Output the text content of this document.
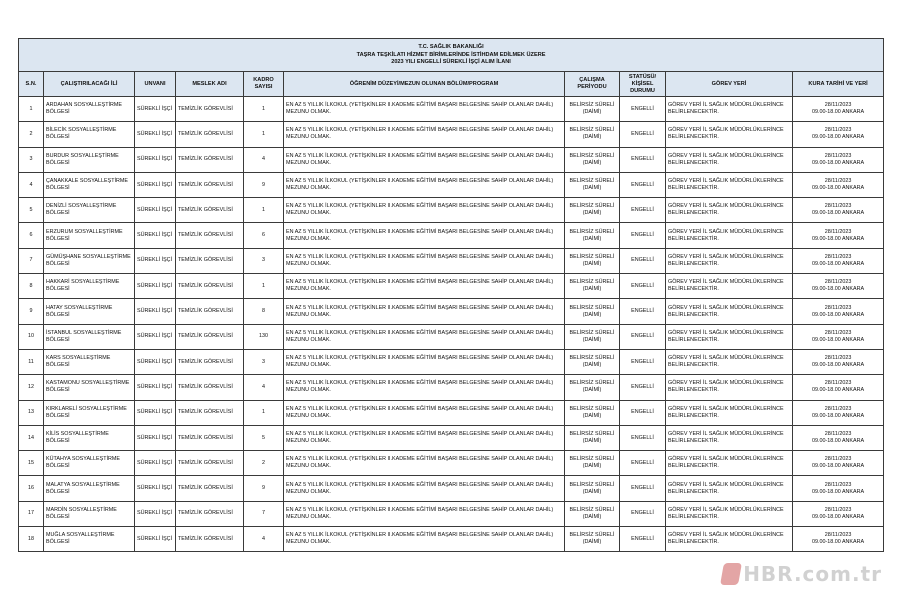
T.C. SAĞLIK BAKANLIĞI
TAŞRA TEŞKİLATI HİZMET BİRİMLERİNDE İSTİHDAM EDİLMEK ÜZERE
2023 YILI ENGELLİ SÜREKLİ İŞÇİ ALIM İLANI									

S.N.	ÇALIŞTIRILACAĞI İLİ	UNVANI	MESLEK ADI	KADRO SAYISI	ÖĞRENİM DÜZEYİ/MEZUN OLUNAN BÖLÜM/PROGRAM	ÇALIŞMA PERİYODU	STATÜSÜ/ KİŞİSEL DURUMU	GÖREV YERİ	KURA TARİHİ VE YERİ
1	ARDAHAN SOSYALLEŞTİRME BÖLGESİ	SÜREKLİ İŞÇİ	TEMİZLİK GÖREVLİSİ	1	EN AZ 5 YILLIK İLKOKUL (YETİŞKİNLER II.KADEME EĞİTİMİ BAŞARI BELGESİNE SAHİP OLANLAR DAHİL) MEZUNU OLMAK.	BELİRSİZ SÜRELİ (DAİMİ)	ENGELLİ	GÖREV YERİ İL SAĞLIK MÜDÜRLÜKLERİNCE BELİRLENECEKTİR.	28/11/2023
09.00-18.00 ANKARA

2	BİLECİK SOSYALLEŞTİRME BÖLGESİ	SÜREKLİ İŞÇİ	TEMİZLİK GÖREVLİSİ	1	EN AZ 5 YILLIK İLKOKUL (YETİŞKİNLER II.KADEME EĞİTİMİ BAŞARI BELGESİNE SAHİP OLANLAR DAHİL) MEZUNU OLMAK.	BELİRSİZ SÜRELİ (DAİMİ)	ENGELLİ	GÖREV YERİ İL SAĞLIK MÜDÜRLÜKLERİNCE BELİRLENECEKTİR.	28/11/2023
09.00-18.00 ANKARA

3	BURDUR SOSYALLEŞTİRME BÖLGESİ	SÜREKLİ İŞÇİ	TEMİZLİK GÖREVLİSİ	4	EN AZ 5 YILLIK İLKOKUL (YETİŞKİNLER II.KADEME EĞİTİMİ BAŞARI BELGESİNE SAHİP OLANLAR DAHİL) MEZUNU OLMAK.	BELİRSİZ SÜRELİ (DAİMİ)	ENGELLİ	GÖREV YERİ İL SAĞLIK MÜDÜRLÜKLERİNCE BELİRLENECEKTİR.	28/11/2023
09.00-18.00 ANKARA

4	ÇANAKKALE SOSYALLEŞTİRME BÖLGESİ	SÜREKLİ İŞÇİ	TEMİZLİK GÖREVLİSİ	9	EN AZ 5 YILLIK İLKOKUL (YETİŞKİNLER II.KADEME EĞİTİMİ BAŞARI BELGESİNE SAHİP OLANLAR DAHİL) MEZUNU OLMAK.	BELİRSİZ SÜRELİ (DAİMİ)	ENGELLİ	GÖREV YERİ İL SAĞLIK MÜDÜRLÜKLERİNCE BELİRLENECEKTİR.	28/11/2023
09.00-18.00 ANKARA

5	DENİZLİ SOSYALLEŞTİRME BÖLGESİ	SÜREKLİ İŞÇİ	TEMİZLİK GÖREVLİSİ	1	EN AZ 5 YILLIK İLKOKUL (YETİŞKİNLER II.KADEME EĞİTİMİ BAŞARI BELGESİNE SAHİP OLANLAR DAHİL) MEZUNU OLMAK.	BELİRSİZ SÜRELİ (DAİMİ)	ENGELLİ	GÖREV YERİ İL SAĞLIK MÜDÜRLÜKLERİNCE BELİRLENECEKTİR.	28/11/2023
09.00-18.00 ANKARA

6	ERZURUM SOSYALLEŞTİRME BÖLGESİ	SÜREKLİ İŞÇİ	TEMİZLİK GÖREVLİSİ	6	EN AZ 5 YILLIK İLKOKUL (YETİŞKİNLER II.KADEME EĞİTİMİ BAŞARI BELGESİNE SAHİP OLANLAR DAHİL) MEZUNU OLMAK.	BELİRSİZ SÜRELİ (DAİMİ)	ENGELLİ	GÖREV YERİ İL SAĞLIK MÜDÜRLÜKLERİNCE BELİRLENECEKTİR.	28/11/2023
09.00-18.00 ANKARA

7	GÜMÜŞHANE SOSYALLEŞTİRME BÖLGESİ	SÜREKLİ İŞÇİ	TEMİZLİK GÖREVLİSİ	3	EN AZ 5 YILLIK İLKOKUL (YETİŞKİNLER II.KADEME EĞİTİMİ BAŞARI BELGESİNE SAHİP OLANLAR DAHİL) MEZUNU OLMAK.	BELİRSİZ SÜRELİ (DAİMİ)	ENGELLİ	GÖREV YERİ İL SAĞLIK MÜDÜRLÜKLERİNCE BELİRLENECEKTİR.	28/11/2023
09.00-18.00 ANKARA

8	HAKKARİ SOSYALLEŞTİRME BÖLGESİ	SÜREKLİ İŞÇİ	TEMİZLİK GÖREVLİSİ	1	EN AZ 5 YILLIK İLKOKUL (YETİŞKİNLER II.KADEME EĞİTİMİ BAŞARI BELGESİNE SAHİP OLANLAR DAHİL) MEZUNU OLMAK.	BELİRSİZ SÜRELİ (DAİMİ)	ENGELLİ	GÖREV YERİ İL SAĞLIK MÜDÜRLÜKLERİNCE BELİRLENECEKTİR.	28/11/2023
09.00-18.00 ANKARA

9	HATAY SOSYALLEŞTİRME BÖLGESİ	SÜREKLİ İŞÇİ	TEMİZLİK GÖREVLİSİ	8	EN AZ 5 YILLIK İLKOKUL (YETİŞKİNLER II.KADEME EĞİTİMİ BAŞARI BELGESİNE SAHİP OLANLAR DAHİL) MEZUNU OLMAK.	BELİRSİZ SÜRELİ (DAİMİ)	ENGELLİ	GÖREV YERİ İL SAĞLIK MÜDÜRLÜKLERİNCE BELİRLENECEKTİR.	28/11/2023
09.00-18.00 ANKARA

10	İSTANBUL SOSYALLEŞTİRME BÖLGESİ	SÜREKLİ İŞÇİ	TEMİZLİK GÖREVLİSİ	130	EN AZ 5 YILLIK İLKOKUL (YETİŞKİNLER II.KADEME EĞİTİMİ BAŞARI BELGESİNE SAHİP OLANLAR DAHİL) MEZUNU OLMAK.	BELİRSİZ SÜRELİ (DAİMİ)	ENGELLİ	GÖREV YERİ İL SAĞLIK MÜDÜRLÜKLERİNCE BELİRLENECEKTİR.	28/11/2023
09.00-18.00 ANKARA

11	KARS SOSYALLEŞTİRME BÖLGESİ	SÜREKLİ İŞÇİ	TEMİZLİK GÖREVLİSİ	3	EN AZ 5 YILLIK İLKOKUL (YETİŞKİNLER II.KADEME EĞİTİMİ BAŞARI BELGESİNE SAHİP OLANLAR DAHİL) MEZUNU OLMAK.	BELİRSİZ SÜRELİ (DAİMİ)	ENGELLİ	GÖREV YERİ İL SAĞLIK MÜDÜRLÜKLERİNCE BELİRLENECEKTİR.	28/11/2023
09.00-18.00 ANKARA

12	KASTAMONU SOSYALLEŞTİRME BÖLGESİ	SÜREKLİ İŞÇİ	TEMİZLİK GÖREVLİSİ	4	EN AZ 5 YILLIK İLKOKUL (YETİŞKİNLER II.KADEME EĞİTİMİ BAŞARI BELGESİNE SAHİP OLANLAR DAHİL) MEZUNU OLMAK.	BELİRSİZ SÜRELİ (DAİMİ)	ENGELLİ	GÖREV YERİ İL SAĞLIK MÜDÜRLÜKLERİNCE BELİRLENECEKTİR.	28/11/2023
09.00-18.00 ANKARA

13	KIRKLARELİ SOSYALLEŞTİRME BÖLGESİ	SÜREKLİ İŞÇİ	TEMİZLİK GÖREVLİSİ	1	EN AZ 5 YILLIK İLKOKUL (YETİŞKİNLER II.KADEME EĞİTİMİ BAŞARI BELGESİNE SAHİP OLANLAR DAHİL) MEZUNU OLMAK.	BELİRSİZ SÜRELİ (DAİMİ)	ENGELLİ	GÖREV YERİ İL SAĞLIK MÜDÜRLÜKLERİNCE BELİRLENECEKTİR.	28/11/2023
09.00-18.00 ANKARA

14	KİLİS SOSYALLEŞTİRME BÖLGESİ	SÜREKLİ İŞÇİ	TEMİZLİK GÖREVLİSİ	5	EN AZ 5 YILLIK İLKOKUL (YETİŞKİNLER II.KADEME EĞİTİMİ BAŞARI BELGESİNE SAHİP OLANLAR DAHİL) MEZUNU OLMAK.	BELİRSİZ SÜRELİ (DAİMİ)	ENGELLİ	GÖREV YERİ İL SAĞLIK MÜDÜRLÜKLERİNCE BELİRLENECEKTİR.	28/11/2023
09.00-18.00 ANKARA

15	KÜTAHYA SOSYALLEŞTİRME BÖLGESİ	SÜREKLİ İŞÇİ	TEMİZLİK GÖREVLİSİ	2	EN AZ 5 YILLIK İLKOKUL (YETİŞKİNLER II.KADEME EĞİTİMİ BAŞARI BELGESİNE SAHİP OLANLAR DAHİL) MEZUNU OLMAK.	BELİRSİZ SÜRELİ (DAİMİ)	ENGELLİ	GÖREV YERİ İL SAĞLIK MÜDÜRLÜKLERİNCE BELİRLENECEKTİR.	28/11/2023
09.00-18.00 ANKARA

16	MALATYA SOSYALLEŞTİRME BÖLGESİ	SÜREKLİ İŞÇİ	TEMİZLİK GÖREVLİSİ	9	EN AZ 5 YILLIK İLKOKUL (YETİŞKİNLER II.KADEME EĞİTİMİ BAŞARI BELGESİNE SAHİP OLANLAR DAHİL) MEZUNU OLMAK.	BELİRSİZ SÜRELİ (DAİMİ)	ENGELLİ	GÖREV YERİ İL SAĞLIK MÜDÜRLÜKLERİNCE BELİRLENECEKTİR.	28/11/2023
09.00-18.00 ANKARA

17	MARDİN SOSYALLEŞTİRME BÖLGESİ	SÜREKLİ İŞÇİ	TEMİZLİK GÖREVLİSİ	7	EN AZ 5 YILLIK İLKOKUL (YETİŞKİNLER II.KADEME EĞİTİMİ BAŞARI BELGESİNE SAHİP OLANLAR DAHİL) MEZUNU OLMAK.	BELİRSİZ SÜRELİ (DAİMİ)	ENGELLİ	GÖREV YERİ İL SAĞLIK MÜDÜRLÜKLERİNCE BELİRLENECEKTİR.	28/11/2023
09.00-18.00 ANKARA

18	MUĞLA SOSYALLEŞTİRME BÖLGESİ	SÜREKLİ İŞÇİ	TEMİZLİK GÖREVLİSİ	4	EN AZ 5 YILLIK İLKOKUL (YETİŞKİNLER II.KADEME EĞİTİMİ BAŞARI BELGESİNE SAHİP OLANLAR DAHİL) MEZUNU OLMAK.	BELİRSİZ SÜRELİ (DAİMİ)	ENGELLİ	GÖREV YERİ İL SAĞLIK MÜDÜRLÜKLERİNCE BELİRLENECEKTİR.	28/11/2023
09.00-18.00 ANKARA
HBR.com.tr
